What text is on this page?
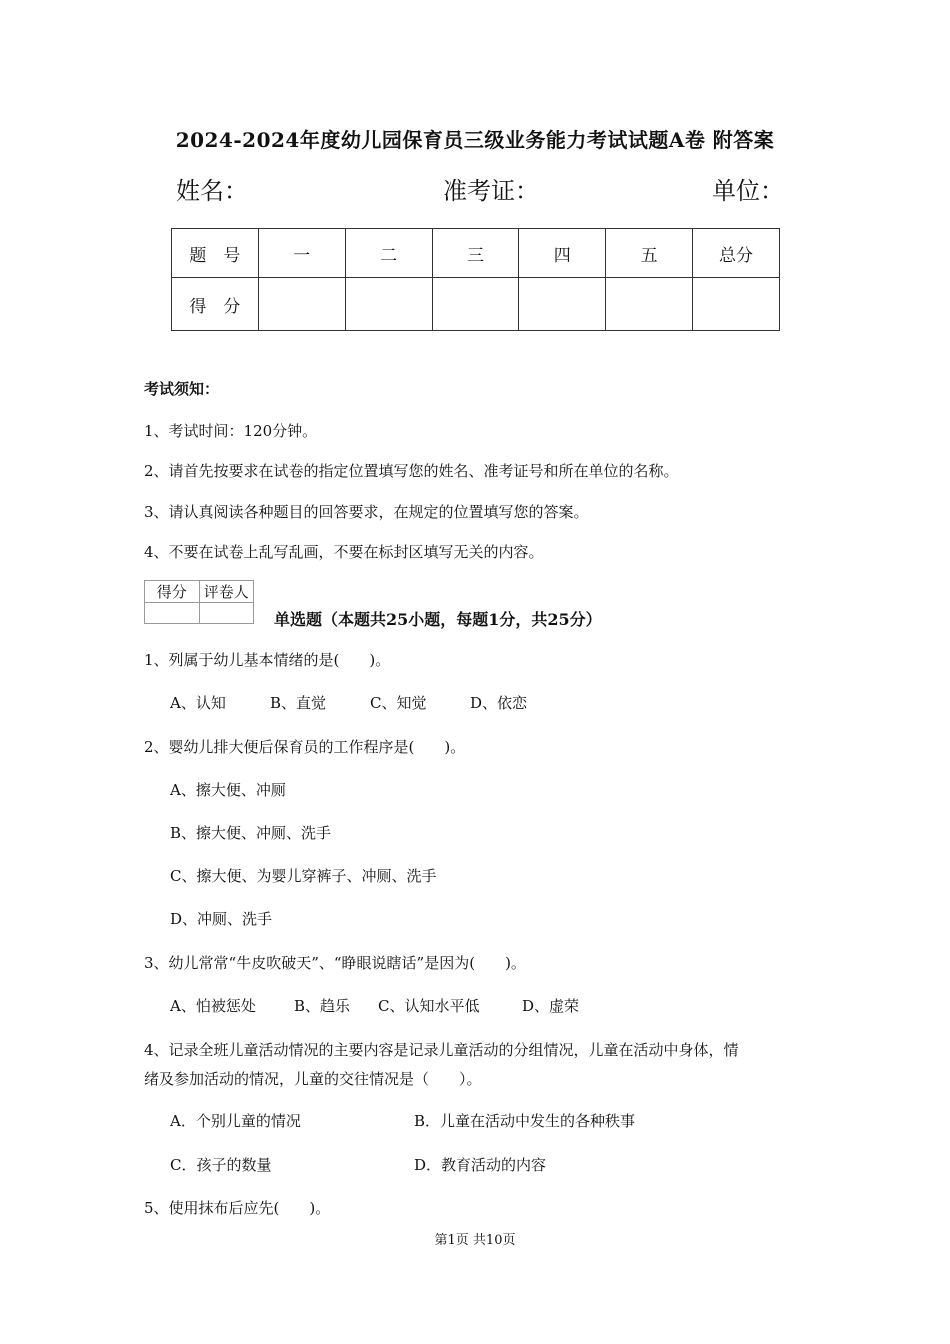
2024-2024年度幼儿园保育员三级业务能力考试试题A卷 附答案
姓名：	准考证：	单位：
题　号	一	二	三	四	五	总分
得　分						
考试须知：
1、考试时间：120分钟。
2、请首先按要求在试卷的指定位置填写您的姓名、准考证号和所在单位的名称。
3、请认真阅读各种题目的回答要求，在规定的位置填写您的答案。
4、不要在试卷上乱写乱画，不要在标封区填写无关的内容。
得分	评卷人

单选题（本题共25小题，每题1分，共25分）
1、列属于幼儿基本情绪的是(　　)。
A、认知	B、直觉	C、知觉	D、依恋
2、婴幼儿排大便后保育员的工作程序是(　　)。
A、擦大便、冲厕
B、擦大便、冲厕、洗手
C、擦大便、为婴儿穿裤子、冲厕、洗手
D、冲厕、洗手
3、幼儿常常“牛皮吹破天”、“睁眼说瞎话”是因为(　　)。
A、怕被惩处	B、趋乐 C、认知水平低	D、虚荣
4、记录全班儿童活动情况的主要内容是记录儿童活动的分组情况，儿童在活动中身体，情
绪及参加活动的情况，儿童的交往情况是（　　）。
A．个别儿童的情况	B．儿童在活动中发生的各种秩事
C．孩子的数量	D．教育活动的内容
5、使用抹布后应先(　　)。
第1页 共10页
